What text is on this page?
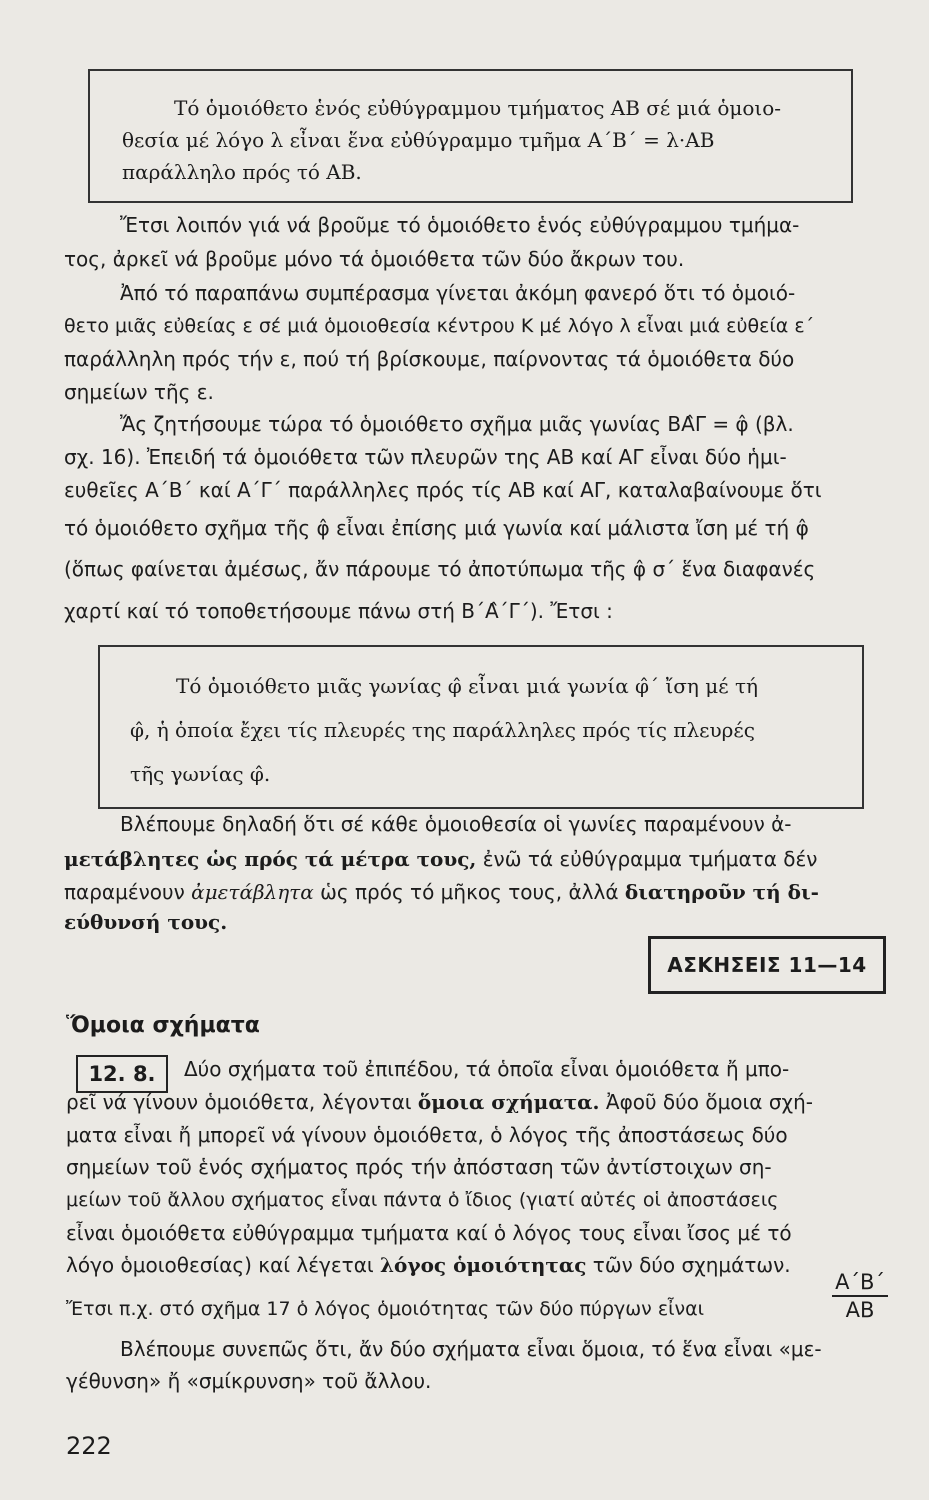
Τό ὁμοιόθετο ἑνός εὐθύγραμμου τμήματος ΑΒ σέ μιά ὁμοιο-
θεσία μέ λόγο λ εἶναι ἕνα εὐθύγραμμο τμῆμα Α΄Β΄ = λ·ΑΒ
παράλληλο πρός τό ΑΒ.
Ἔτσι λοιπόν γιά νά βροῦμε τό ὁμοιόθετο ἑνός εὐθύγραμμου τμήμα-
τος, ἀρκεῖ νά βροῦμε μόνο τά ὁμοιόθετα τῶν δύο ἄκρων του.
Ἀπό τό παραπάνω συμπέρασμα γίνεται ἀκόμη φανερό ὅτι τό ὁμοιό-
θετο μιᾶς εὐθείας ε σέ μιά ὁμοιοθεσία κέντρου Κ μέ λόγο λ εἶναι μιά εὐθεία ε΄
παράλληλη πρός τήν ε, πού τή βρίσκουμε, παίρνοντας τά ὁμοιόθετα δύο
σημείων τῆς ε.
Ἄς ζητήσουμε τώρα τό ὁμοιόθετο σχῆμα μιᾶς γωνίας ΒΑ̂Γ = φ̂ (βλ.
σχ. 16). Ἐπειδή τά ὁμοιόθετα τῶν πλευρῶν της ΑΒ καί ΑΓ εἶναι δύο ἡμι-
ευθεῖες Α΄Β΄ καί Α΄Γ΄ παράλληλες πρός τίς ΑΒ καί ΑΓ, καταλαβαίνουμε ὅτι
τό ὁμοιόθετο σχῆμα τῆς φ̂ εἶναι ἐπίσης μιά γωνία καί μάλιστα ἴση μέ τή φ̂
(ὅπως φαίνεται ἀμέσως, ἄν πάρουμε τό ἀποτύπωμα τῆς φ̂ σ΄ ἕνα διαφανές
χαρτί καί τό τοποθετήσουμε πάνω στή Β΄Α̂΄Γ΄). Ἔτσι :
Τό ὁμοιόθετο μιᾶς γωνίας φ̂ εἶναι μιά γωνία φ̂΄ ἴση μέ τή
φ̂, ἡ ὁποία ἔχει τίς πλευρές της παράλληλες πρός τίς πλευρές
τῆς γωνίας φ̂.
Βλέπουμε δηλαδή ὅτι σέ κάθε ὁμοιοθεσία οἱ γωνίες παραμένουν ἀ-
μετάβλητες ὡς πρός τά μέτρα τους, ἐνῶ τά εὐθύγραμμα τμήματα δέν
παραμένουν ἀμετάβλητα ὡς πρός τό μῆκος τους, ἀλλά διατηροῦν τή δι-
εύθυνσή τους.
ΑΣΚΗΣΕΙΣ 11—14
Ὅμοια σχήματα
12. 8. Δύο σχήματα τοῦ ἐπιπέδου, τά ὁποῖα εἶναι ὁμοιόθετα ἤ μπο-
ρεῖ νά γίνουν ὁμοιόθετα, λέγονται ὅμοια σχήματα. Ἀφοῦ δύο ὅμοια σχή-
ματα εἶναι ἤ μπορεῖ νά γίνουν ὁμοιόθετα, ὁ λόγος τῆς ἀποστάσεως δύο
σημείων τοῦ ἑνός σχήματος πρός τήν ἀπόσταση τῶν ἀντίστοιχων ση-
μείων τοῦ ἄλλου σχήματος εἶναι πάντα ὁ ἴδιος (γιατί αὐτές οἱ ἀποστάσεις
εἶναι ὁμοιόθετα εὐθύγραμμα τμήματα καί ὁ λόγος τους εἶναι ἴσος μέ τό
λόγο ὁμοιοθεσίας) καί λέγεται λόγος ὁμοιότητας τῶν δύο σχημάτων.
Ἔτσι π.χ. στό σχῆμα 17 ὁ λόγος ὁμοιότητας τῶν δύο πύργων εἶναι
Α΄Β΄
ΑΒ
Βλέπουμε συνεπῶς ὅτι, ἄν δύο σχήματα εἶναι ὅμοια, τό ἕνα εἶναι «με-
γέθυνση» ἤ «σμίκρυνση» τοῦ ἄλλου.
222
